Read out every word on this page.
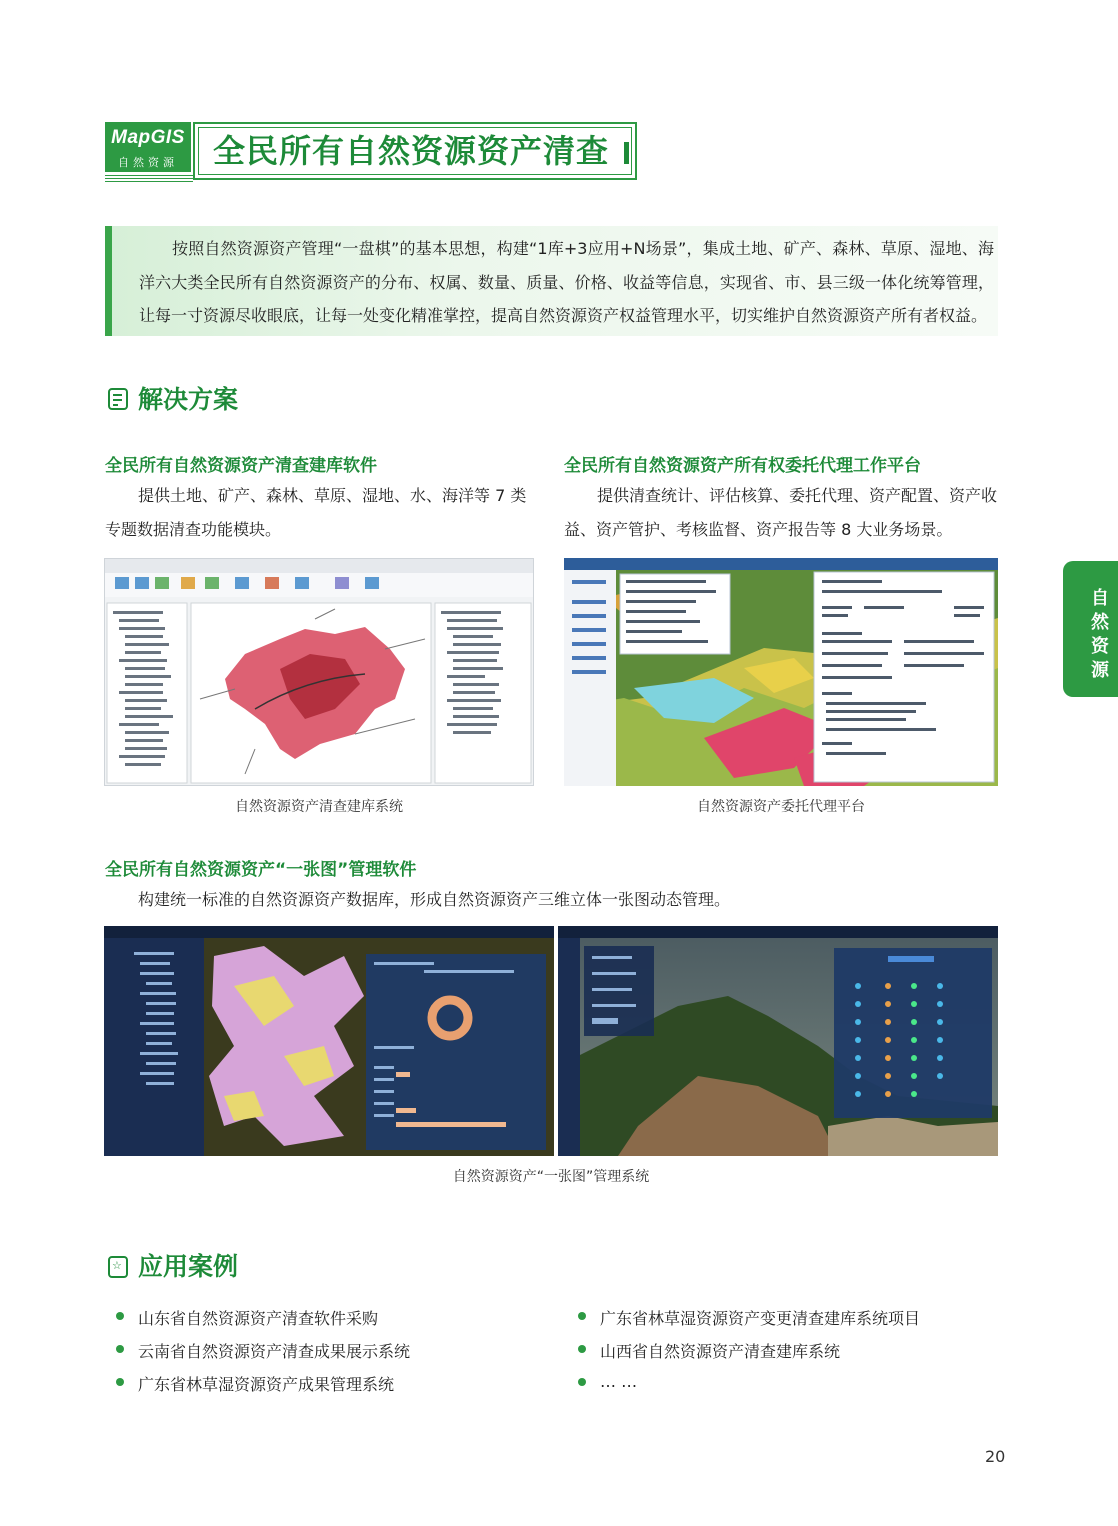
MapGIS
自然资源	全民所有自然资源资产清查
按照自然资源资产管理“一盘棋”的基本思想，构建“1库+3应用+N场景”，集成土地、矿产、森林、草原、湿地、海洋六大类全民所有自然资源资产的分布、权属、数量、质量、价格、收益等信息，实现省、市、县三级一体化统筹管理，让每一寸资源尽收眼底，让每一处变化精准掌控，提高自然资源资产权益管理水平，切实维护自然资源资产所有者权益。
解决方案
全民所有自然资源资产清查建库软件
提供土地、矿产、森林、草原、湿地、水、海洋等 7 类专题数据清查功能模块。
自然资源资产清查建库系统
全民所有自然资源资产所有权委托代理工作平台
提供清查统计、评估核算、委托代理、资产配置、资产收益、资产管护、考核监督、资产报告等 8 大业务场景。
自然资源资产委托代理平台
自然资源
全民所有自然资源资产“一张图”管理软件
构建统一标准的自然资源资产数据库，形成自然资源资产三维立体一张图动态管理。
自然资源资产“一张图”管理系统
☆ 应用案例
山东省自然资源资产清查软件采购
云南省自然资源资产清查成果展示系统
广东省林草湿资源资产成果管理系统
广东省林草湿资源资产变更清查建库系统项目
山西省自然资源资产清查建库系统
… …
20
